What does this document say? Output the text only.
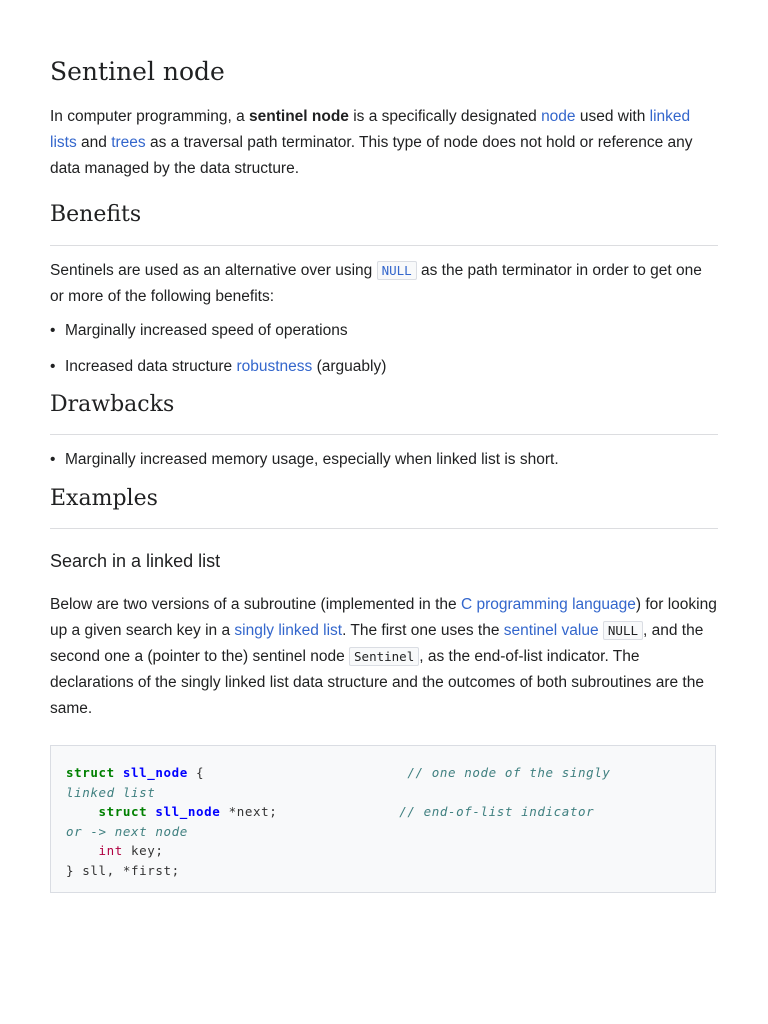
Sentinel node

In computer programming, a sentinel node is a specifically designated node used with linked lists and trees as a traversal path terminator. This type of node does not hold or reference any data managed by the data structure.

Benefits

Sentinels are used as an alternative over using NULL as the path terminator in order to get one or more of the following benefits:

• Marginally increased speed of operations
• Increased data structure robustness (arguably)
Drawbacks
• Marginally increased memory usage, especially when linked list is short.
Examples
Search in a linked list

Below are two versions of a subroutine (implemented in the C programming language) for looking up a given search key in a singly linked list. The first one uses the sentinel value NULL , and the second one a (pointer to the) sentinel node Sentinel , as the end-of-list indicator. The declarations of the singly linked list data structure and the outcomes of both subroutines are the same.

struct sll_node {	// one node of the singly
linked list
struct sll_node *next;	// end-of-list indicator
or -> next node
int key;
} sll, *first;
